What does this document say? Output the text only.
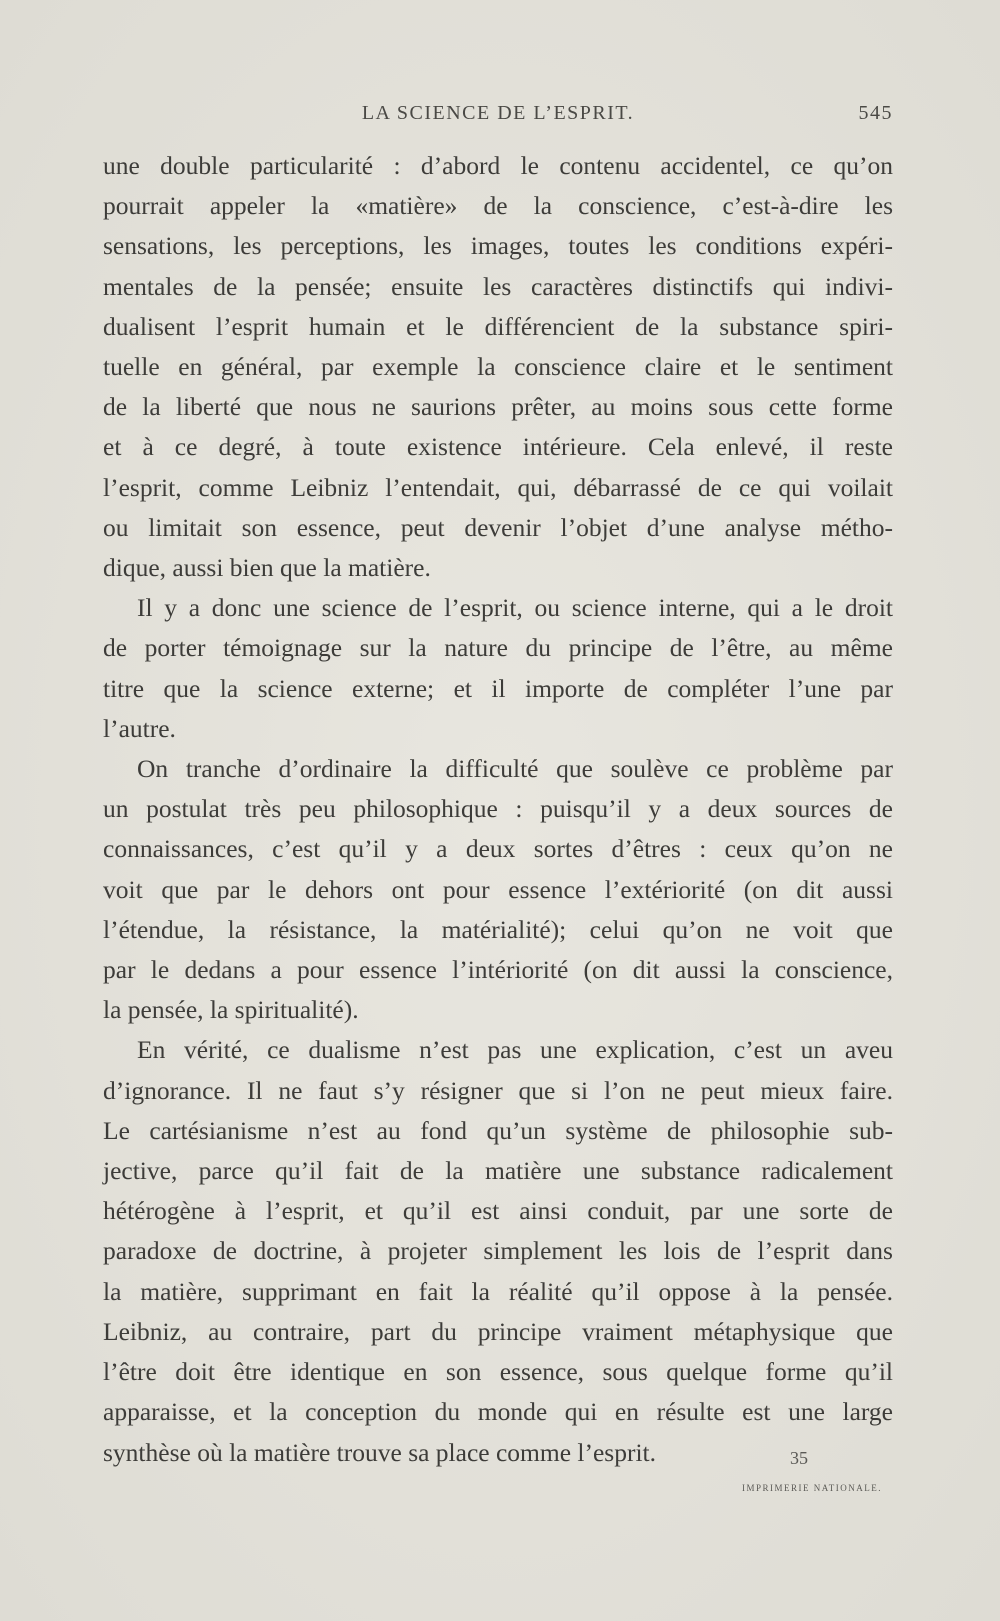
LA SCIENCE DE L’ESPRIT.	545
une double particularité : d’abord le contenu accidentel, ce qu’on
pourrait appeler la «matière» de la conscience, c’est-à-dire les
sensations, les perceptions, les images, toutes les conditions expéri-
mentales de la pensée; ensuite les caractères distinctifs qui indivi-
dualisent l’esprit humain et le différencient de la substance spiri-
tuelle en général, par exemple la conscience claire et le sentiment
de la liberté que nous ne saurions prêter, au moins sous cette forme
et à ce degré, à toute existence intérieure. Cela enlevé, il reste
l’esprit, comme Leibniz l’entendait, qui, débarrassé de ce qui voilait
ou limitait son essence, peut devenir l’objet d’une analyse métho-
dique, aussi bien que la matière.
Il y a donc une science de l’esprit, ou science interne, qui a le droit
de porter témoignage sur la nature du principe de l’être, au même
titre que la science externe; et il importe de compléter l’une par
l’autre.
On tranche d’ordinaire la difficulté que soulève ce problème par
un postulat très peu philosophique : puisqu’il y a deux sources de
connaissances, c’est qu’il y a deux sortes d’êtres : ceux qu’on ne
voit que par le dehors ont pour essence l’extériorité (on dit aussi
l’étendue, la résistance, la matérialité); celui qu’on ne voit que
par le dedans a pour essence l’intériorité (on dit aussi la conscience,
la pensée, la spiritualité).
En vérité, ce dualisme n’est pas une explication, c’est un aveu
d’ignorance. Il ne faut s’y résigner que si l’on ne peut mieux faire.
Le cartésianisme n’est au fond qu’un système de philosophie sub-
jective, parce qu’il fait de la matière une substance radicalement
hétérogène à l’esprit, et qu’il est ainsi conduit, par une sorte de
paradoxe de doctrine, à projeter simplement les lois de l’esprit dans
la matière, supprimant en fait la réalité qu’il oppose à la pensée.
Leibniz, au contraire, part du principe vraiment métaphysique que
l’être doit être identique en son essence, sous quelque forme qu’il
apparaisse, et la conception du monde qui en résulte est une large
synthèse où la matière trouve sa place comme l’esprit.	35
IMPRIMERIE NATIONALE.
